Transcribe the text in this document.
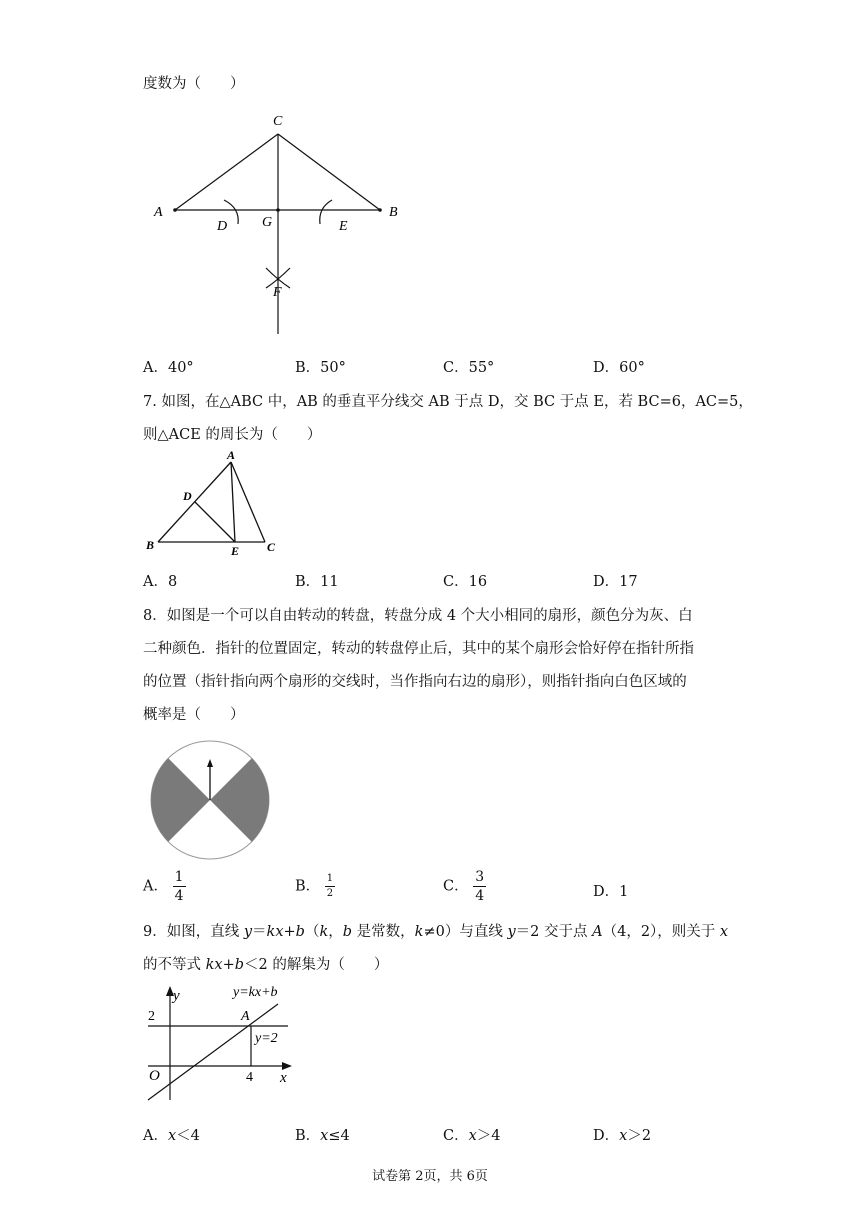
度数为（　　）
C
A	B
D G	E
F
A．40°	B．50°	C．55°	D．60°
7. 如图，在△ABC 中，AB 的垂直平分线交 AB 于点 D，交 BC 于点 E，若 BC=6，AC=5，
则△ACE 的周长为（　　）
A
D
B	E C
A．8	B．11	C．16	D．17
8．如图是一个可以自由转动的转盘，转盘分成 4 个大小相同的扇形，颜色分为灰、白
二种颜色．指针的位置固定，转动的转盘停止后，其中的某个扇形会恰好停在指针所指
的位置（指针指向两个扇形的交线时，当作指向右边的扇形），则指针指向白色区域的
概率是（　　）
A． $\frac{1}{4}$	B． $\frac{1}{2}$	C． $\frac{3}{4}$	D．1
9．如图，直线 y＝kx+b（k，b 是常数，k≠0）与直线 y＝2 交于点 A（4，2），则关于 x
的不等式 kx+b＜2 的解集为（　　）
y
x
O
2
4
A
y=kx+b
y=2
A．x＜4	B．x≤4	C．x＞4	D．x＞2
试卷第 2页，共 6页
